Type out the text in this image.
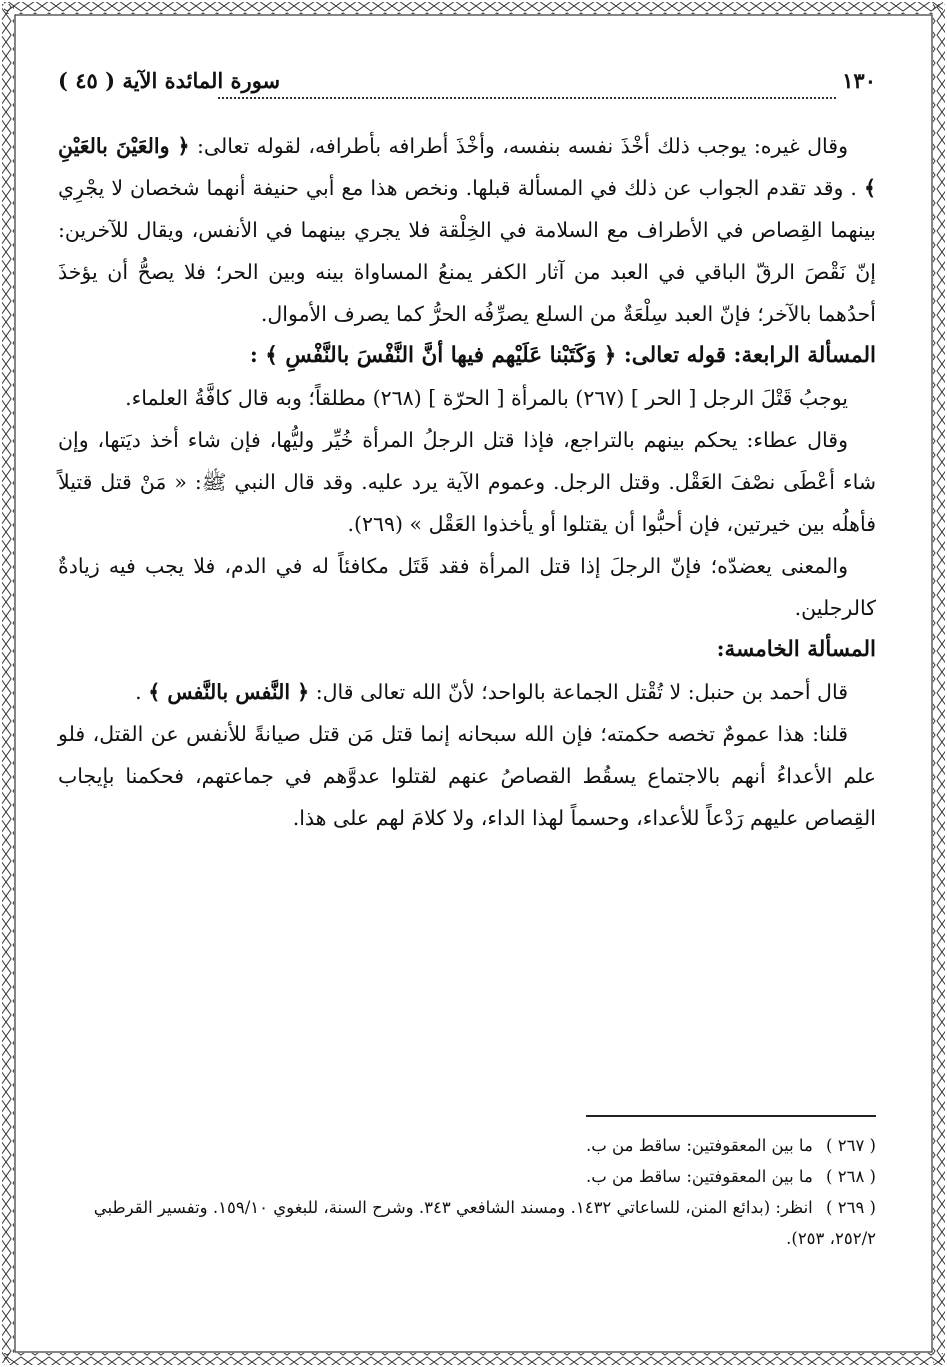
١٣٠
سورة المائدة الآية ( ٤٥ )

وقال غيره: يوجب ذلك أخْذَ نفسه بنفسه، وأخْذَ أطرافه بأطرافه، لقوله تعالى: ﴿ والعَيْنَ بالعَيْنِ ﴾ . وقد تقدم الجواب عن ذلك في المسألة قبلها. ونخص هذا مع أبي حنيفة أنهما شخصان لا يجْرِي بينهما القِصاص في الأطراف مع السلامة في الخِلْقة فلا يجري بينهما في الأنفس، ويقال للآخرين: إنّ نَقْصَ الرقّ الباقي في العبد من آثار الكفر يمنعُ المساواة بينه وبين الحر؛ فلا يصحُّ أن يؤخذَ أحدُهما بالآخر؛ فإنّ العبد سِلْعَةٌ من السلع يصرِّفُه الحرُّ كما يصرف الأموال.

المسألة الرابعة: قوله تعالى: ﴿ وَكَتَبْنا عَلَيْهم فيها أنَّ النَّفْسَ بالنَّفْسِ ﴾ :

يوجبُ قَتْلَ الرجل [ الحر ] (٢٦٧) بالمرأة [ الحرّة ] (٢٦٨) مطلقاً؛ وبه قال كافَّةُ العلماء.

وقال عطاء: يحكم بينهم بالتراجع، فإذا قتل الرجلُ المرأة خُيِّر وليُّها، فإن شاء أخذ ديَتها، وإن شاء أعْطَى نصْفَ العَقْل. وقتل الرجل. وعموم الآية يرد عليه. وقد قال النبي ﷺ: « مَنْ قتل قتيلاً فأهلُه بين خيرتين، فإن أحبُّوا أن يقتلوا أو يأخذوا العَقْل » (٢٦٩).

والمعنى يعضدّه؛ فإنّ الرجلَ إذا قتل المرأة فقد قَتَل مكافئاً له في الدم، فلا يجب فيه زيادةٌ كالرجلين.

المسألة الخامسة:

قال أحمد بن حنبل: لا تُقْتل الجماعة بالواحد؛ لأنّ الله تعالى قال: ﴿ النَّفس بالنَّفس ﴾ .

قلنا: هذا عمومٌ تخصه حكمته؛ فإن الله سبحانه إنما قتل مَن قتل صيانةً للأنفس عن القتل، فلو علم الأعداءُ أنهم بالاجتماع يسقُط القصاصُ عنهم لقتلوا عدوَّهم في جماعتهم، فحكمنا بإيجاب القِصاص عليهم رَدْعاً للأعداء، وحسماً لهذا الداء، ولا كلامَ لهم على هذا.

( ٢٦٧ ) ما بين المعقوفتين: ساقط من ب.

( ٢٦٨ ) ما بين المعقوفتين: ساقط من ب.

( ٢٦٩ ) انظر: (بدائع المنن، للساعاتي ١٤٣٢. ومسند الشافعي ٣٤٣. وشرح السنة، للبغوي ١٥٩/١٠. وتفسير القرطبي ٢٥٢/٢، ٢٥٣).
